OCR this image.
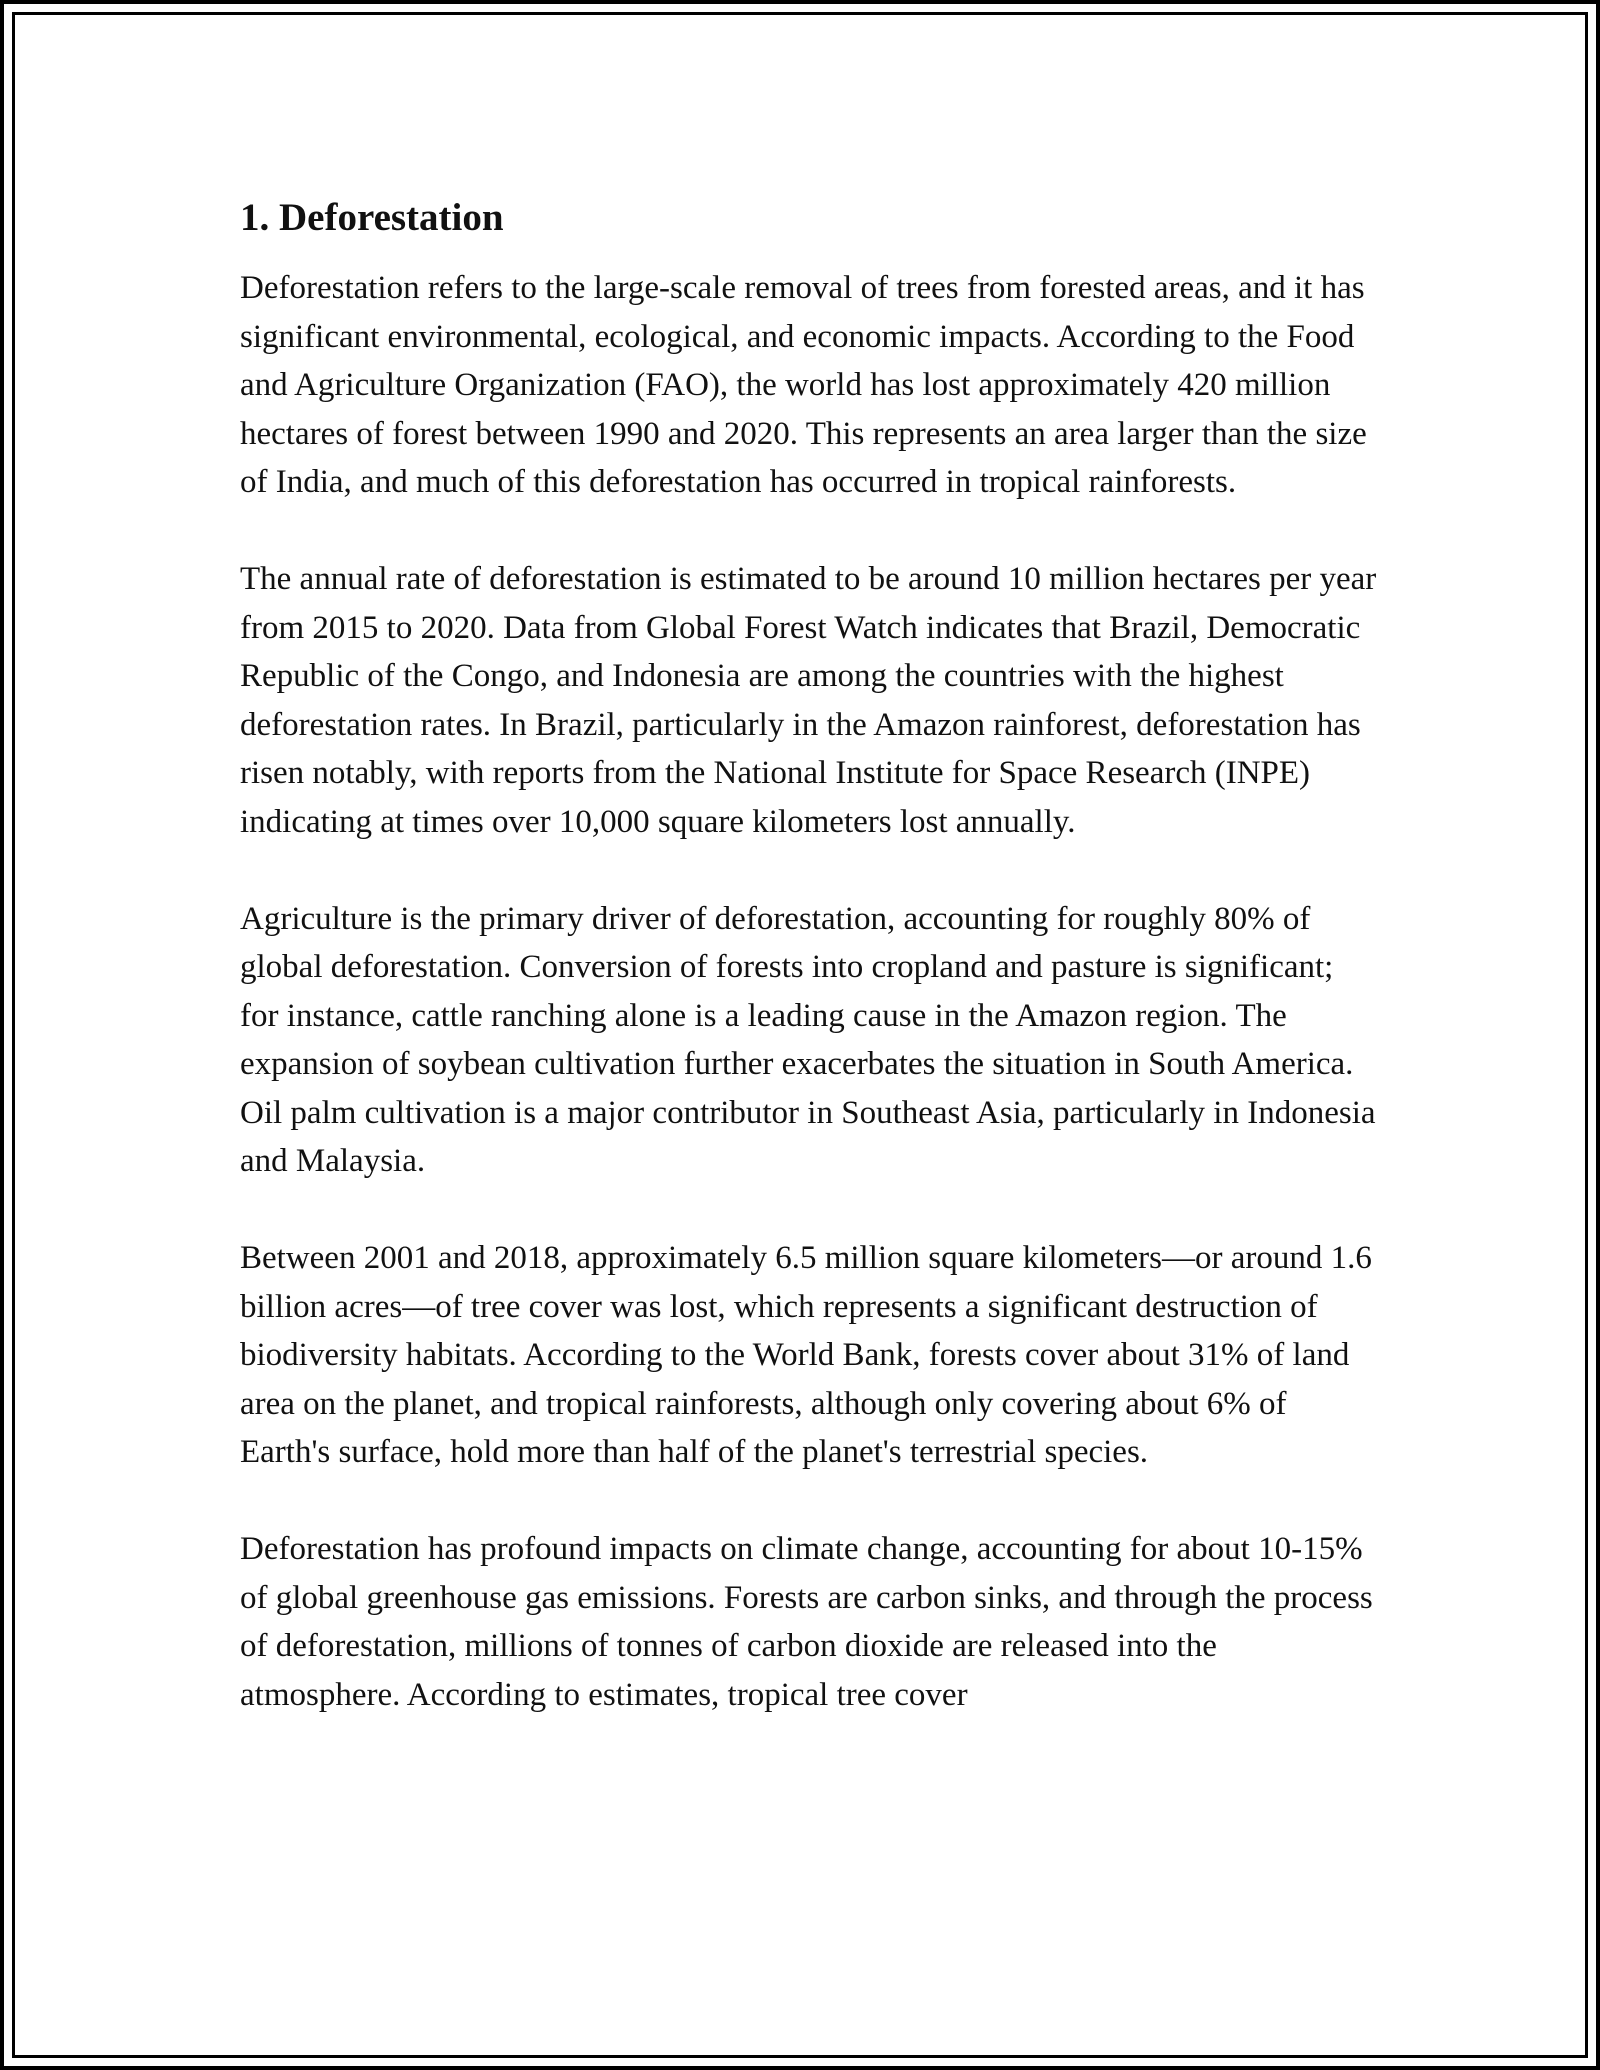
1. Deforestation

Deforestation refers to the large-scale removal of trees from forested areas, and it has significant environmental, ecological, and economic impacts. According to the Food and Agriculture Organization (FAO), the world has lost approximately 420 million hectares of forest between 1990 and 2020. This represents an area larger than the size of India, and much of this deforestation has occurred in tropical rainforests.

The annual rate of deforestation is estimated to be around 10 million hectares per year from 2015 to 2020. Data from Global Forest Watch indicates that Brazil, Democratic Republic of the Congo, and Indonesia are among the countries with the highest deforestation rates. In Brazil, particularly in the Amazon rainforest, deforestation has risen notably, with reports from the National Institute for Space Research (INPE) indicating at times over 10,000 square kilometers lost annually.

Agriculture is the primary driver of deforestation, accounting for roughly 80% of global deforestation. Conversion of forests into cropland and pasture is significant; for instance, cattle ranching alone is a leading cause in the Amazon region. The expansion of soybean cultivation further exacerbates the situation in South America. Oil palm cultivation is a major contributor in Southeast Asia, particularly in Indonesia and Malaysia.

Between 2001 and 2018, approximately 6.5 million square kilometers—or around 1.6 billion acres—of tree cover was lost, which represents a significant destruction of biodiversity habitats. According to the World Bank, forests cover about 31% of land area on the planet, and tropical rainforests, although only covering about 6% of Earth's surface, hold more than half of the planet's terrestrial species.

Deforestation has profound impacts on climate change, accounting for about 10-15% of global greenhouse gas emissions. Forests are carbon sinks, and through the process of deforestation, millions of tonnes of carbon dioxide are released into the atmosphere. According to estimates, tropical tree cover
